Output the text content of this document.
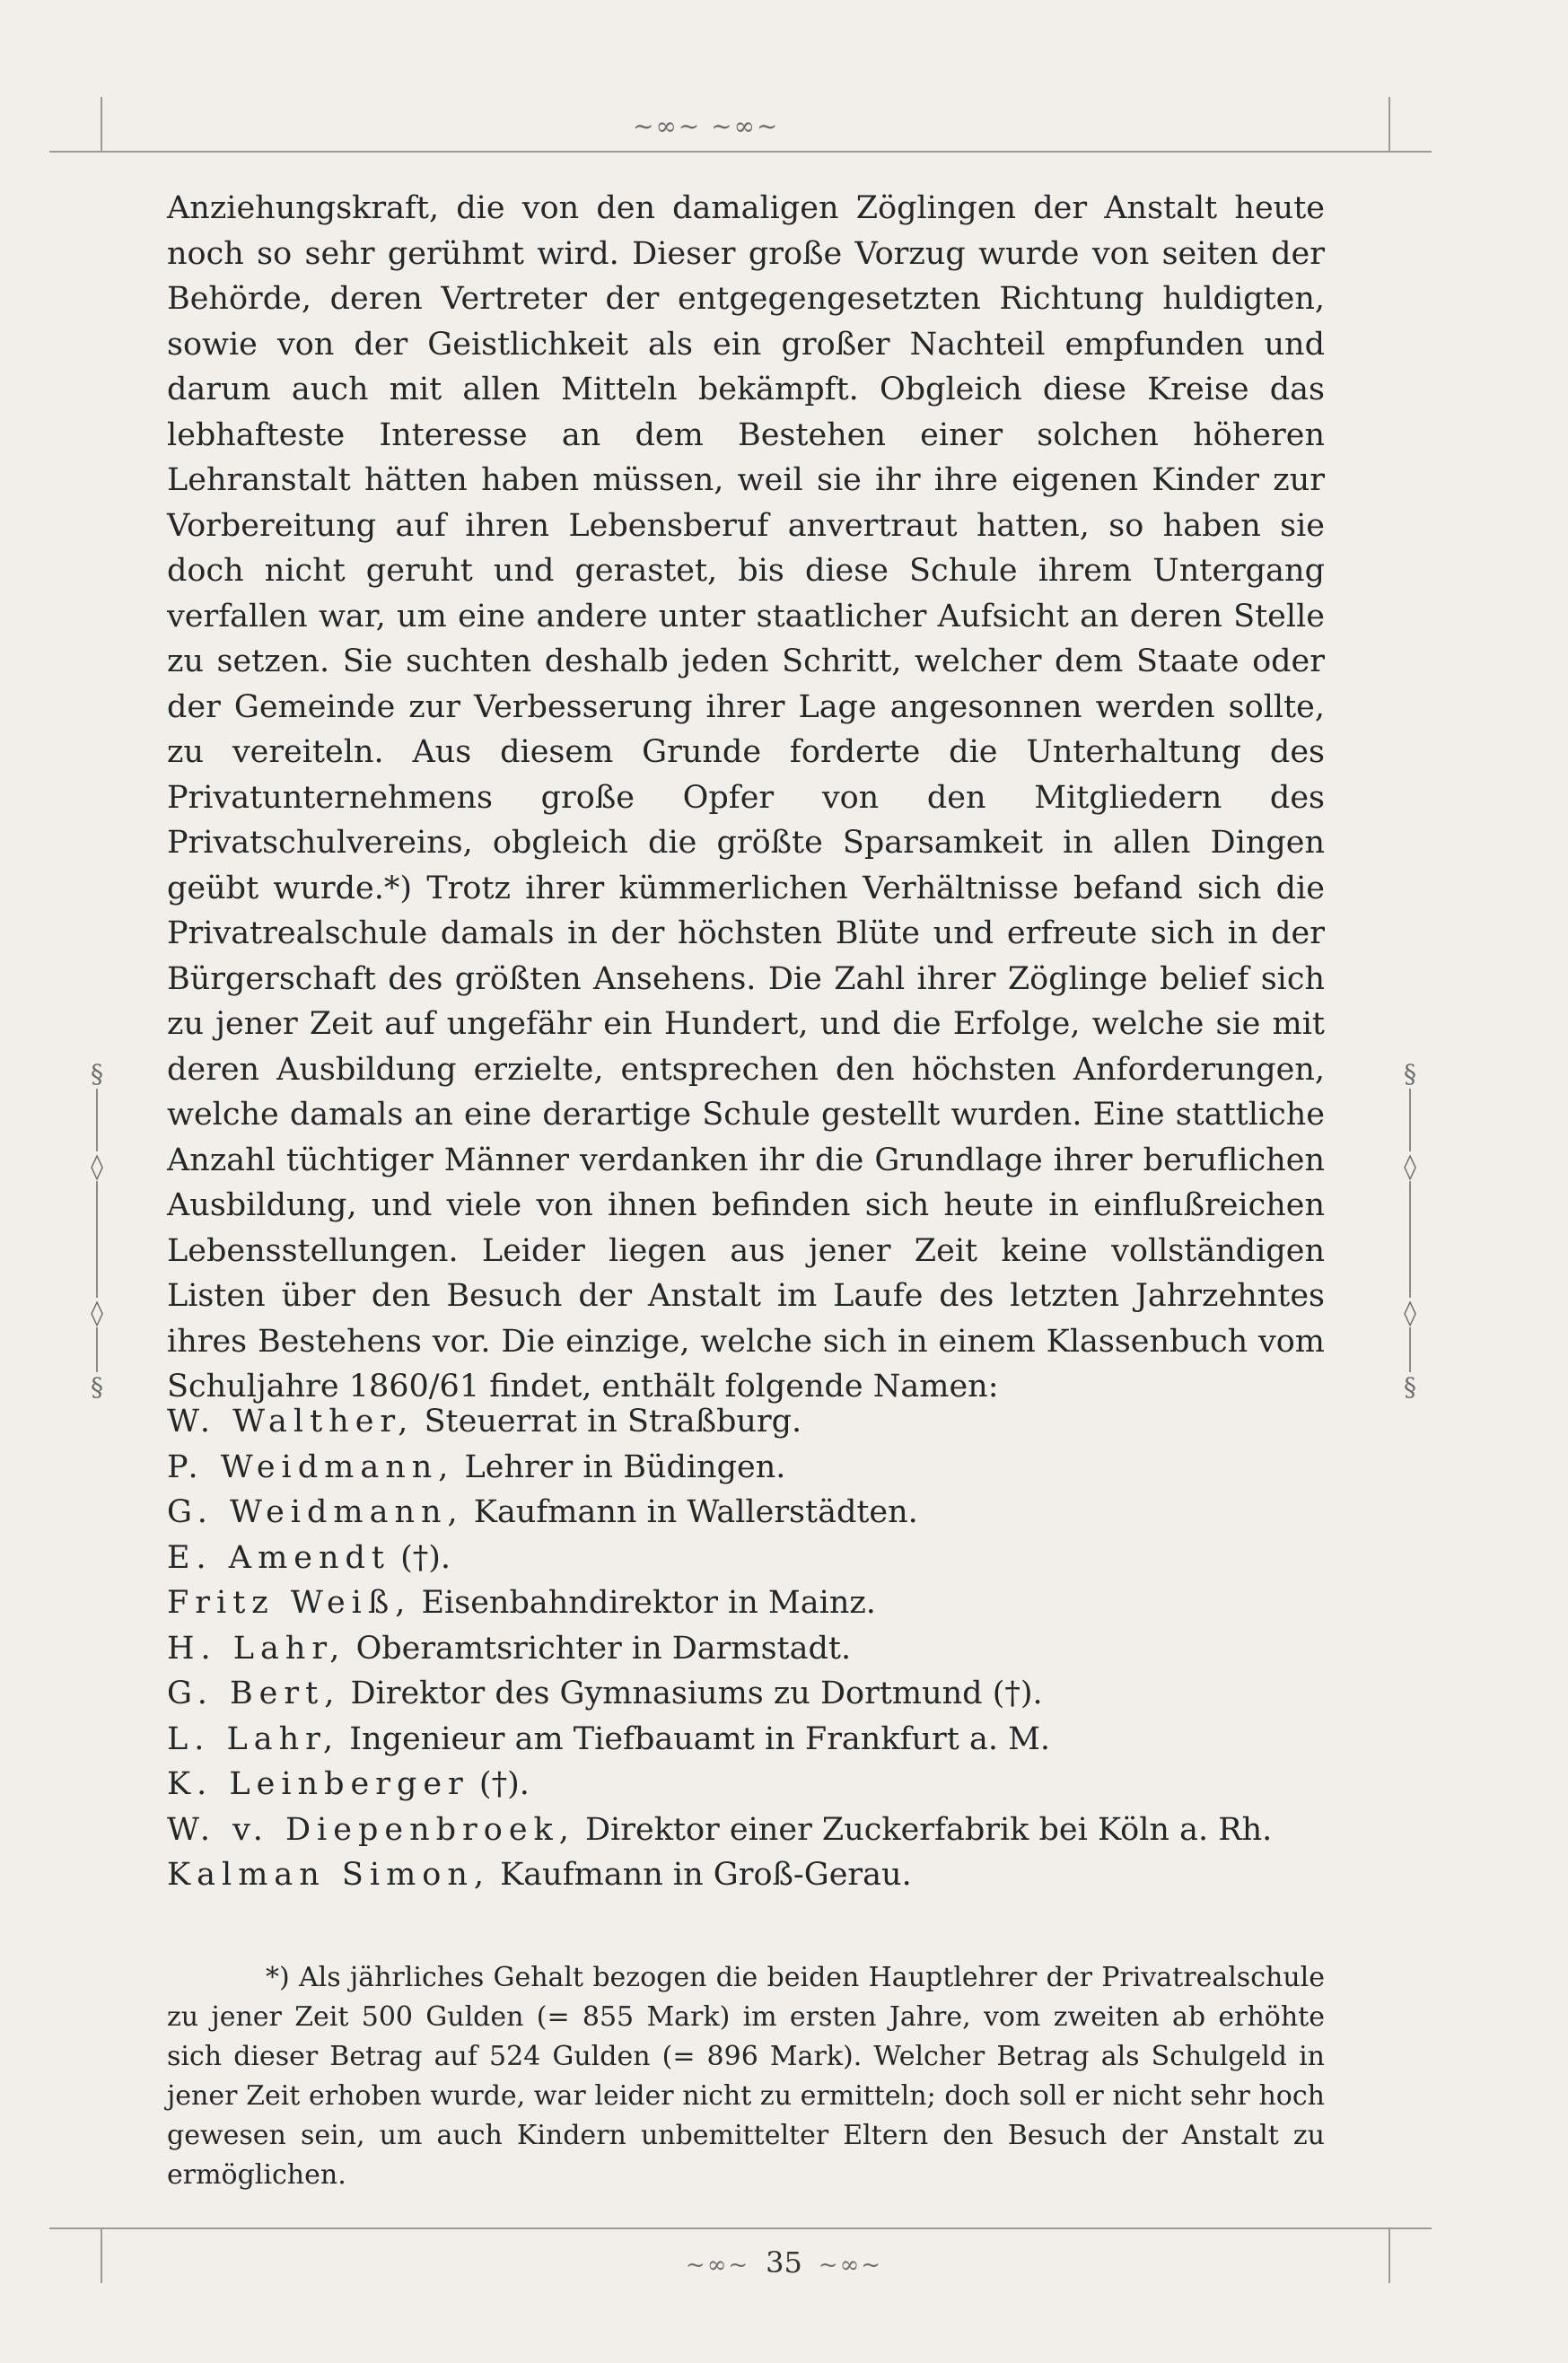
~∞~ ~∞~
§
◊
◊
§
§
◊
◊
§

Anziehungskraft, die von den damaligen Zöglingen der Anstalt heute noch so sehr gerühmt wird. Dieser große Vorzug wurde von seiten der Behörde, deren Vertreter der entgegengesetzten Richtung huldigten, sowie von der Geistlichkeit als ein großer Nachteil empfunden und darum auch mit allen Mitteln bekämpft. Obgleich diese Kreise das lebhafteste Interesse an dem Bestehen einer solchen höheren Lehranstalt hätten haben müssen, weil sie ihr ihre eigenen Kinder zur Vorbereitung auf ihren Lebensberuf anvertraut hatten, so haben sie doch nicht geruht und gerastet, bis diese Schule ihrem Untergang verfallen war, um eine andere unter staatlicher Aufsicht an deren Stelle zu setzen. Sie suchten deshalb jeden Schritt, welcher dem Staate oder der Gemeinde zur Verbesserung ihrer Lage angesonnen werden sollte, zu vereiteln. Aus diesem Grunde forderte die Unterhaltung des Privatunternehmens große Opfer von den Mitgliedern des Privatschulvereins, obgleich die größte Sparsamkeit in allen Dingen geübt wurde.*) Trotz ihrer kümmerlichen Verhältnisse befand sich die Privatrealschule damals in der höchsten Blüte und erfreute sich in der Bürgerschaft des größten Ansehens. Die Zahl ihrer Zöglinge belief sich zu jener Zeit auf ungefähr ein Hundert, und die Erfolge, welche sie mit deren Ausbildung erzielte, entsprechen den höchsten Anforderungen, welche damals an eine derartige Schule gestellt wurden. Eine stattliche Anzahl tüchtiger Männer verdanken ihr die Grundlage ihrer beruflichen Ausbildung, und viele von ihnen befinden sich heute in einflußreichen Lebensstellungen. Leider liegen aus jener Zeit keine vollständigen Listen über den Besuch der Anstalt im Laufe des letzten Jahrzehntes ihres Bestehens vor. Die einzige, welche sich in einem Klassenbuch vom Schuljahre 1860/61 findet, enthält folgende Namen:

W. Walther, Steuerrat in Straßburg.
P. Weidmann, Lehrer in Büdingen.
G. Weidmann, Kaufmann in Wallerstädten.
E. Amendt (†).
Fritz Weiß, Eisenbahndirektor in Mainz.
H. Lahr, Oberamtsrichter in Darmstadt.
G. Bert, Direktor des Gymnasiums zu Dortmund (†).
L. Lahr, Ingenieur am Tiefbauamt in Frankfurt a. M.
K. Leinberger (†).
W. v. Diepenbroek, Direktor einer Zuckerfabrik bei Köln a. Rh.
Kalman Simon, Kaufmann in Groß-Gerau.

*) Als jährliches Gehalt bezogen die beiden Hauptlehrer der Privatrealschule zu jener Zeit 500 Gulden (= 855 Mark) im ersten Jahre, vom zweiten ab erhöhte sich dieser Betrag auf 524 Gulden (= 896 Mark). Welcher Betrag als Schulgeld in jener Zeit erhoben wurde, war leider nicht zu ermitteln; doch soll er nicht sehr hoch gewesen sein, um auch Kindern unbemittelter Eltern den Besuch der Anstalt zu ermöglichen.

~∞~ 35 ~∞~
